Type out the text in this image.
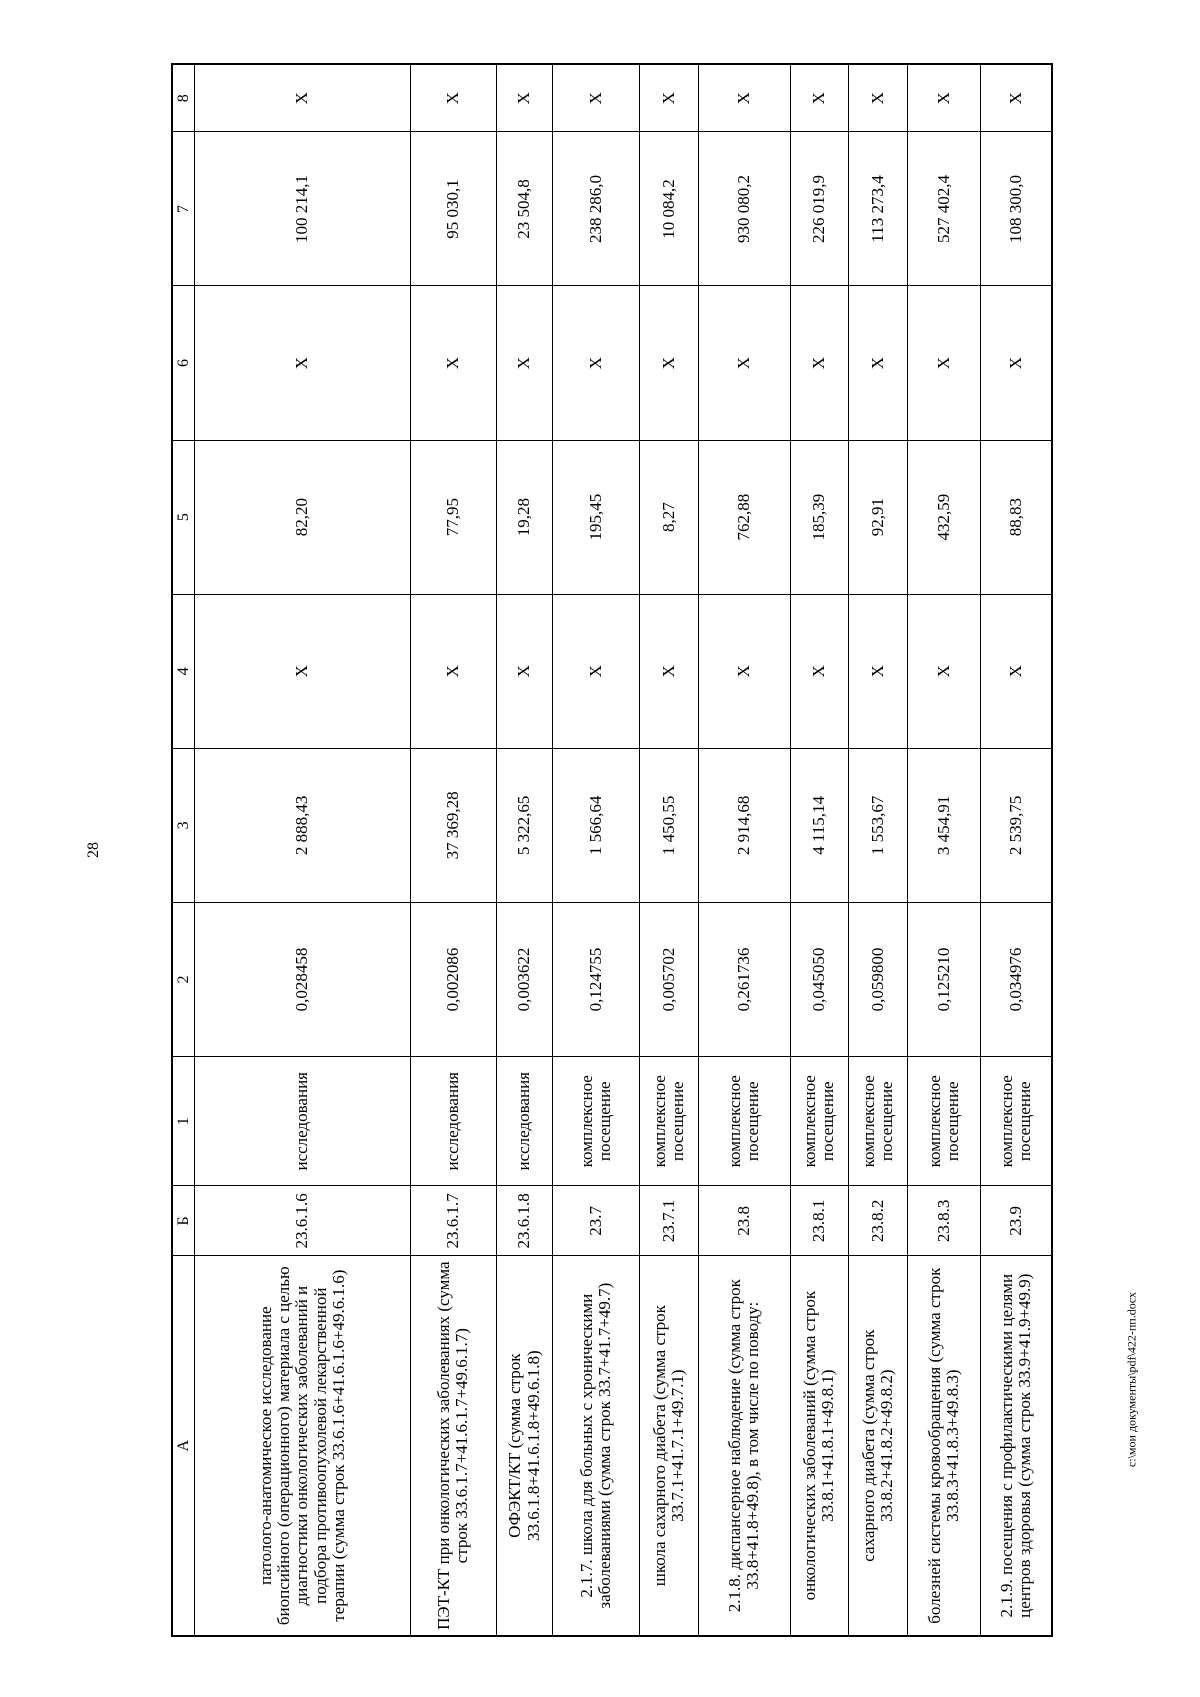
28
А	Б	1	2	3	4	5	6	7	8
патолого-анатомическое исследование биопсийного (операционного) материала с целью диагностики онкологических заболеваний и подбора противоопухолевой лекарственной терапии (сумма строк 33.6.1.6+41.6.1.6+49.6.1.6)	23.6.1.6	исследования	0,028458	2 888,43	Х	82,20	Х	100 214,1	Х
ПЭТ-КТ при онкологических заболеваниях (сумма строк 33.6.1.7+41.6.1.7+49.6.1.7)	23.6.1.7	исследования	0,002086	37 369,28	Х	77,95	Х	95 030,1	Х
ОФЭКТ/КТ (сумма строк 33.6.1.8+41.6.1.8+49.6.1.8)	23.6.1.8	исследования	0,003622	5 322,65	Х	19,28	Х	23 504,8	Х
2.1.7. школа для больных с хроническими заболеваниями (сумма строк 33.7+41.7+49.7)	23.7	комплексное посещение	0,124755	1 566,64	Х	195,45	Х	238 286,0	Х
школа сахарного диабета (сумма строк 33.7.1+41.7.1+49.7.1)	23.7.1	комплексное посещение	0,005702	1 450,55	Х	8,27	Х	10 084,2	Х
2.1.8. диспансерное наблюдение (сумма строк 33.8+41.8+49.8), в том числе по поводу:	23.8	комплексное посещение	0,261736	2 914,68	Х	762,88	Х	930 080,2	Х
онкологических заболеваний (сумма строк 33.8.1+41.8.1+49.8.1)	23.8.1	комплексное посещение	0,045050	4 115,14	Х	185,39	Х	226 019,9	Х
сахарного диабета (сумма строк 33.8.2+41.8.2+49.8.2)	23.8.2	комплексное посещение	0,059800	1 553,67	Х	92,91	Х	113 273,4	Х
болезней системы кровообращения (сумма строк 33.8.3+41.8.3+49.8.3)	23.8.3	комплексное посещение	0,125210	3 454,91	Х	432,59	Х	527 402,4	Х
2.1.9. посещения с профилактическими целями центров здоровья (сумма строк 33.9+41.9+49.9)	23.9	комплексное посещение	0,034976	2 539,75	Х	88,83	Х	108 300,0	Х
c:\мои документы\pdf\422-пп.docx
